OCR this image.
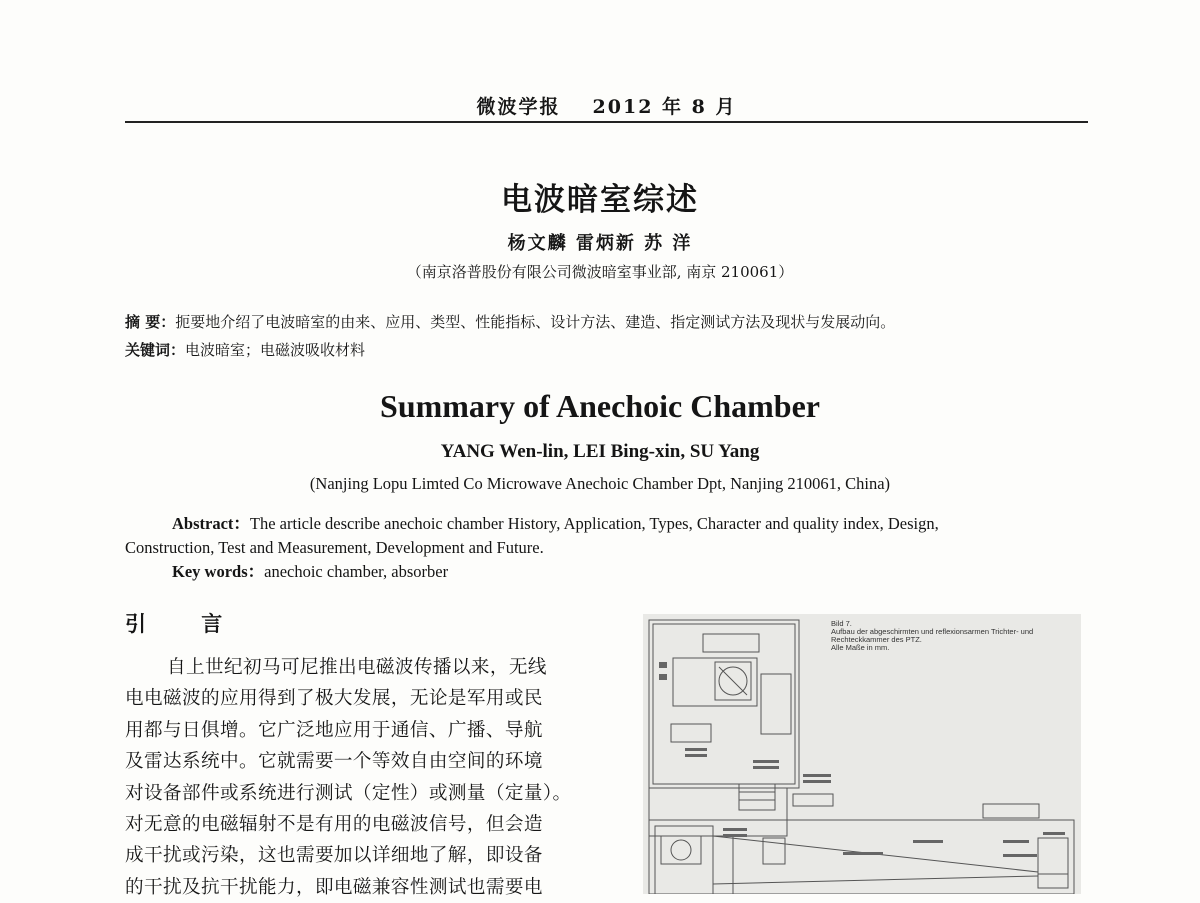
微波学报 2012 年 8 月
电波暗室综述
杨文麟 雷炳新 苏 洋
（南京洛普股份有限公司微波暗室事业部, 南京 210061）
摘 要：扼要地介绍了电波暗室的由来、应用、类型、性能指标、设计方法、建造、指定测试方法及现状与发展动向。
关键词：电波暗室；电磁波吸收材料
Summary of Anechoic Chamber
YANG Wen-lin, LEI Bing-xin, SU Yang
(Nanjing Lopu Limted Co Microwave Anechoic Chamber Dpt, Nanjing 210061, China)
Abstract：The article describe anechoic chamber History, Application, Types, Character and quality index, Design,
Construction, Test and Measurement, Development and Future.
Key words：anechoic chamber, absorber
引 言
自上世纪初马可尼推出电磁波传播以来，无线
电电磁波的应用得到了极大发展，无论是军用或民
用都与日俱增。它广泛地应用于通信、广播、导航
及雷达系统中。它就需要一个等效自由空间的环境
对设备部件或系统进行测试（定性）或测量（定量）。
对无意的电磁辐射不是有用的电磁波信号，但会造
成干扰或污染，这也需要加以详细地了解，即设备
的干扰及抗干扰能力，即电磁兼容性测试也需要电
Bild 7.
Aufbau der abgeschirmten und reflexionsarmen Trichter- und
Rechteckkammer des PTZ.
Alle Maße in mm.
